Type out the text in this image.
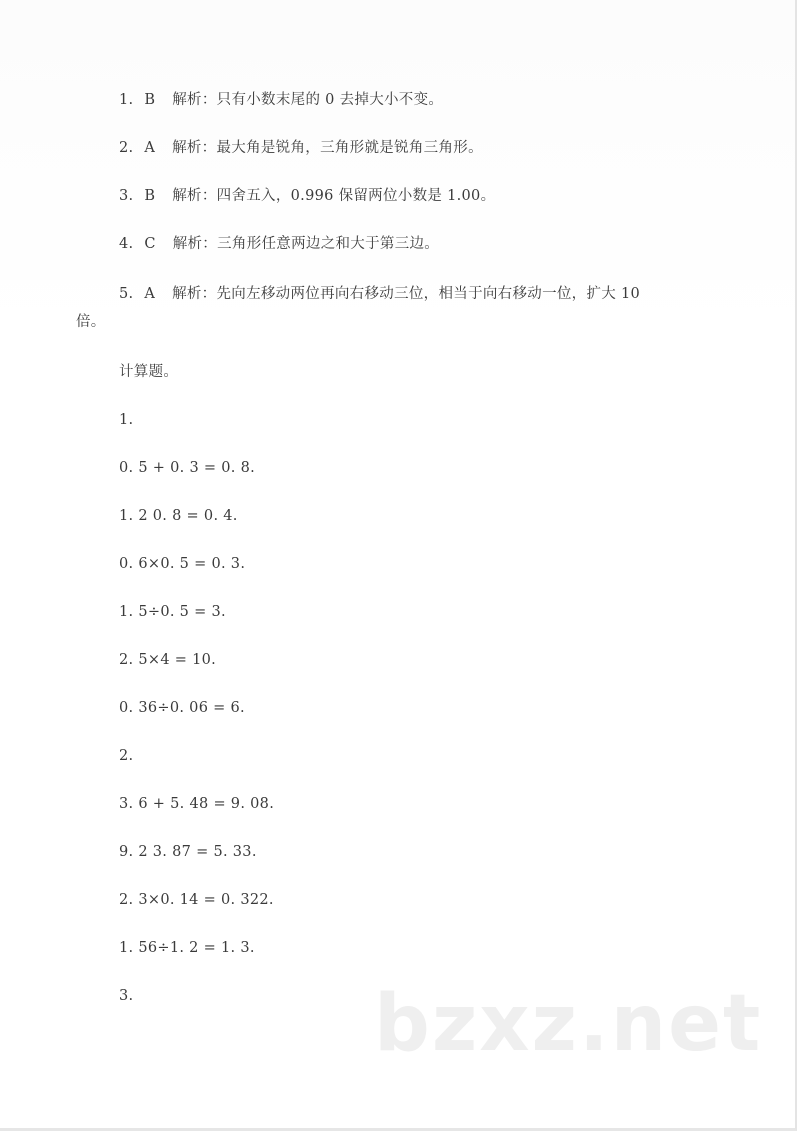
1. B 解析：只有小数末尾的 0 去掉大小不变。
2. A 解析：最大角是锐角，三角形就是锐角三角形。
3. B 解析：四舍五入，0.996 保留两位小数是 1.00。
4. C 解析：三角形任意两边之和大于第三边。
5. A 解析：先向左移动两位再向右移动三位，相当于向右移动一位，扩大 10
倍。
计算题。
1.
0. 5 + 0. 3 = 0. 8.
1. 2 0. 8 = 0. 4.
0. 6×0. 5 = 0. 3.
1. 5÷0. 5 = 3.
2. 5×4 = 10.
0. 36÷0. 06 = 6.
2.
3. 6 + 5. 48 = 9. 08.
9. 2 3. 87 = 5. 33.
2. 3×0. 14 = 0. 322.
1. 56÷1. 2 = 1. 3.
3.	bzxz.net
